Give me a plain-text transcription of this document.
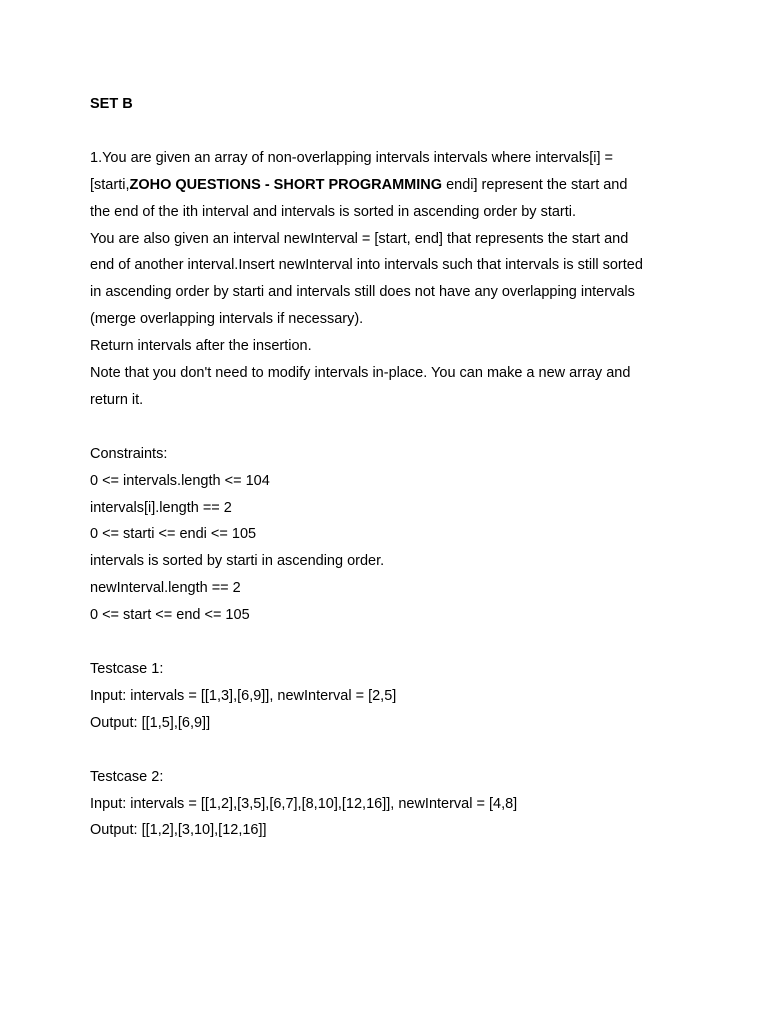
SET B

1.You are given an array of non-overlapping intervals intervals where intervals[i] =

[starti,ZOHO QUESTIONS - SHORT PROGRAMMING endi] represent the start and

the end of the ith interval and intervals is sorted in ascending order by starti.

You are also given an interval newInterval = [start, end] that represents the start and

end of another interval.Insert newInterval into intervals such that intervals is still sorted

in ascending order by starti and intervals still does not have any overlapping intervals

(merge overlapping intervals if necessary).

Return intervals after the insertion.

Note that you don't need to modify intervals in-place. You can make a new array and

return it.

Constraints:

0 <= intervals.length <= 104

intervals[i].length == 2

0 <= starti <= endi <= 105

intervals is sorted by starti in ascending order.

newInterval.length == 2

0 <= start <= end <= 105

Testcase 1:

Input: intervals = [[1,3],[6,9]], newInterval = [2,5]

Output: [[1,5],[6,9]]

Testcase 2:

Input: intervals = [[1,2],[3,5],[6,7],[8,10],[12,16]], newInterval = [4,8]

Output: [[1,2],[3,10],[12,16]]
